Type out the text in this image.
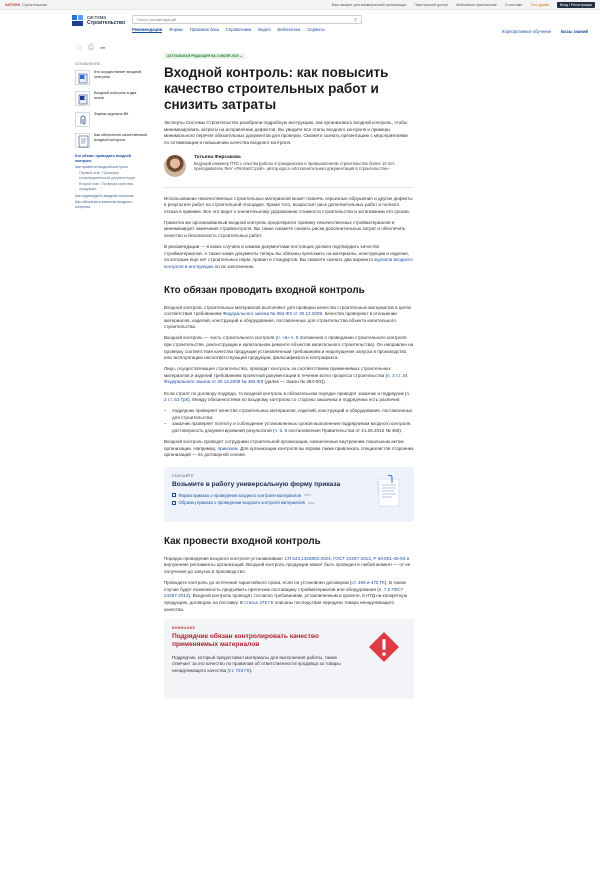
АКТИОН Строительство	Ваш аккаунт для коммерческой организации Партнерский доступ Мобильное приложение О системе Тест-драйв	Вход / Регистрация
система
Строительство
Поиск рекомендаций	⚲
Рекомендации Формы Правовая база Справочники Видео Библиотека Сервисы	Корпоративное обучение Базы знаний
☆ ⎙ ➦
ОГЛАВЛЕНИЕ
Кто осуществляет входной контроль
Входной контроль в два этапа
Формы журнала ВК
Как обеспечить качественный входной контроль
Кто обязан проводить входной контроль
Как провести входной контроль
Первый этап. Проверка сопроводительной документации
Второй этап. Проверка качества продукции
Как подтвердить входной контроль
Как обеспечить качество входного контроля
АКТУАЛЬНАЯ РЕДАКЦИЯ НА 3 ИЮЛЯ 2025 ⌄
Входной контроль: как повысить качество строительных работ и снизить затраты

Эксперты Системы Строительство разобрали подробную инструкцию, как организовать входной контроль, чтобы минимизировать затраты на исправление дефектов. Вы увидите все этапы входного контроля и примеры минимального перечня обязательных документов для проверки. Сможете скачать презентацию с мероприятиями по оптимизации и повышению качества входного контроля.

Татьяна Фирсакова
ведущий инженер ПТО с опытом работы в гражданском и промышленном строительстве более 10 лет, преподаватель ФАУ «РосКапСтрой», автор курса «Исполнительная документация в строительстве»

Использование некачественных строительных материалов может повлечь серьезные обрушения и другие дефекты в результате работ на строительной площадке. Кроме того, возрастает риск дополнительных работ и полного отказа в приемке. Все это ведет к значительному удорожанию стоимости строительства и затягиванию его сроков.

Грамотно же организованный входной контроль предотвратит приемку некачественных стройматериалов и минимизирует замечания стройконтроля. Вы также сможете снизить риски дополнительных затрат и обеспечить качество и безопасность строительных работ.

В рекомендации — в каких случаях и какими документами постоящих должен подтвердить качество стройматериалов. А также какие документы теперь вы обязаны приложить на материалы, конструкции и изделия, по которым еще нет строительных норм, правил и стандартов. Вы сможете скачать два варианта журнала входного контроля и инструкцию по их заполнению.

Кто обязан проводить входной контроль

Входной контроль строительных материалов выполняют для проверки качества строительных материалов в целях соответствия требованиям Федерального закона № 384-ФЗ от 30.12.2009. Качество проверяют в отношении материалов, изделий, конструкций и оборудования, поставленных для строительства объекта капитального строительства.

Входной контроль — часть строительного контроля (п. «в» ч. 5 положения о проведении строительного контроля при строительстве, реконструкции и капитальном ремонте объектов капитального строительства). Он направлен на проверку соответствия качества продукции установленным требованиям и недопущение запуска в производство или эксплуатацию несоответствующей продукции, фальсификата и контрафакта.

Лицо, осуществляющее строительство, проводит контроль за соответствием применяемых строительных материалов и изделий требованиям проектной документации в течение всего процесса строительства (п. 3 ст. 34 Федерального закона от 30.12.2009 № 384-ФЗ (далее — Закон № 384-ФЗ)).

Если строят по договору подряда, то входной контроль в обязательном порядке проводят заказчик и подрядчик (п. 2 ст. 53 ГрК). Между обязанностями по входному контролю со стороны заказчика и подрядчика есть различия:

– подрядчик проверяет качество строительных материалов, изделий, конструкций и оборудования, поставленных для строительства;
– заказчик проверяет полноту и соблюдение установленных сроков выполнения подрядчиком входного контроля, достоверность документирования результатов (ч. 5, 6 постановления Правительства от 21.06.2010 № 468).

Входной контроль проводят сотрудники строительной организации, назначенные внутренним локальным актом организации. Например, приказом. Для организации контроля вы вправе также привлекать специалистов сторонних организаций — по договорной основе.

СКАЧАЙТЕ
Возьмите в работу универсальную форму приказа
Форма приказа о проведении входного контроля материалов docx
Образец приказа о проведении входного контроля материалов docx
Как провести входной контроль

Порядок проведения входного контроля устанавливают СП 543.1325800.2024, ГОСТ 24297-2013, Р 50-601-40-93 и внутренние регламенты организаций. Входной контроль продукции может быть проведен в любой момент — от ее получения до запуска в производство.

Проводите контроль до истечения гарантийного срока, если он установлен договором (ст. 469 и 470 ГК). В таком случае будет возможность предъявить претензии поставщику стройматериалов или оборудования (п. 7.2 ГОСТ 24297-2013). Входной контроль проводят согласно требованиям, установленным в проекте, в НТД на конкретную продукцию, договорах на поставку. В статье 475 ГК описаны последствия передачи товара ненадлежащего качества.

ВНИМАНИЕ
Подрядчик обязан контролировать качество применяемых материалов

Подрядчик, который предоставил материалы для выполнения работы, также отвечает за его качество по правилам об ответственности продавца за товары ненадлежащего качества (ст. 723 ГК).
